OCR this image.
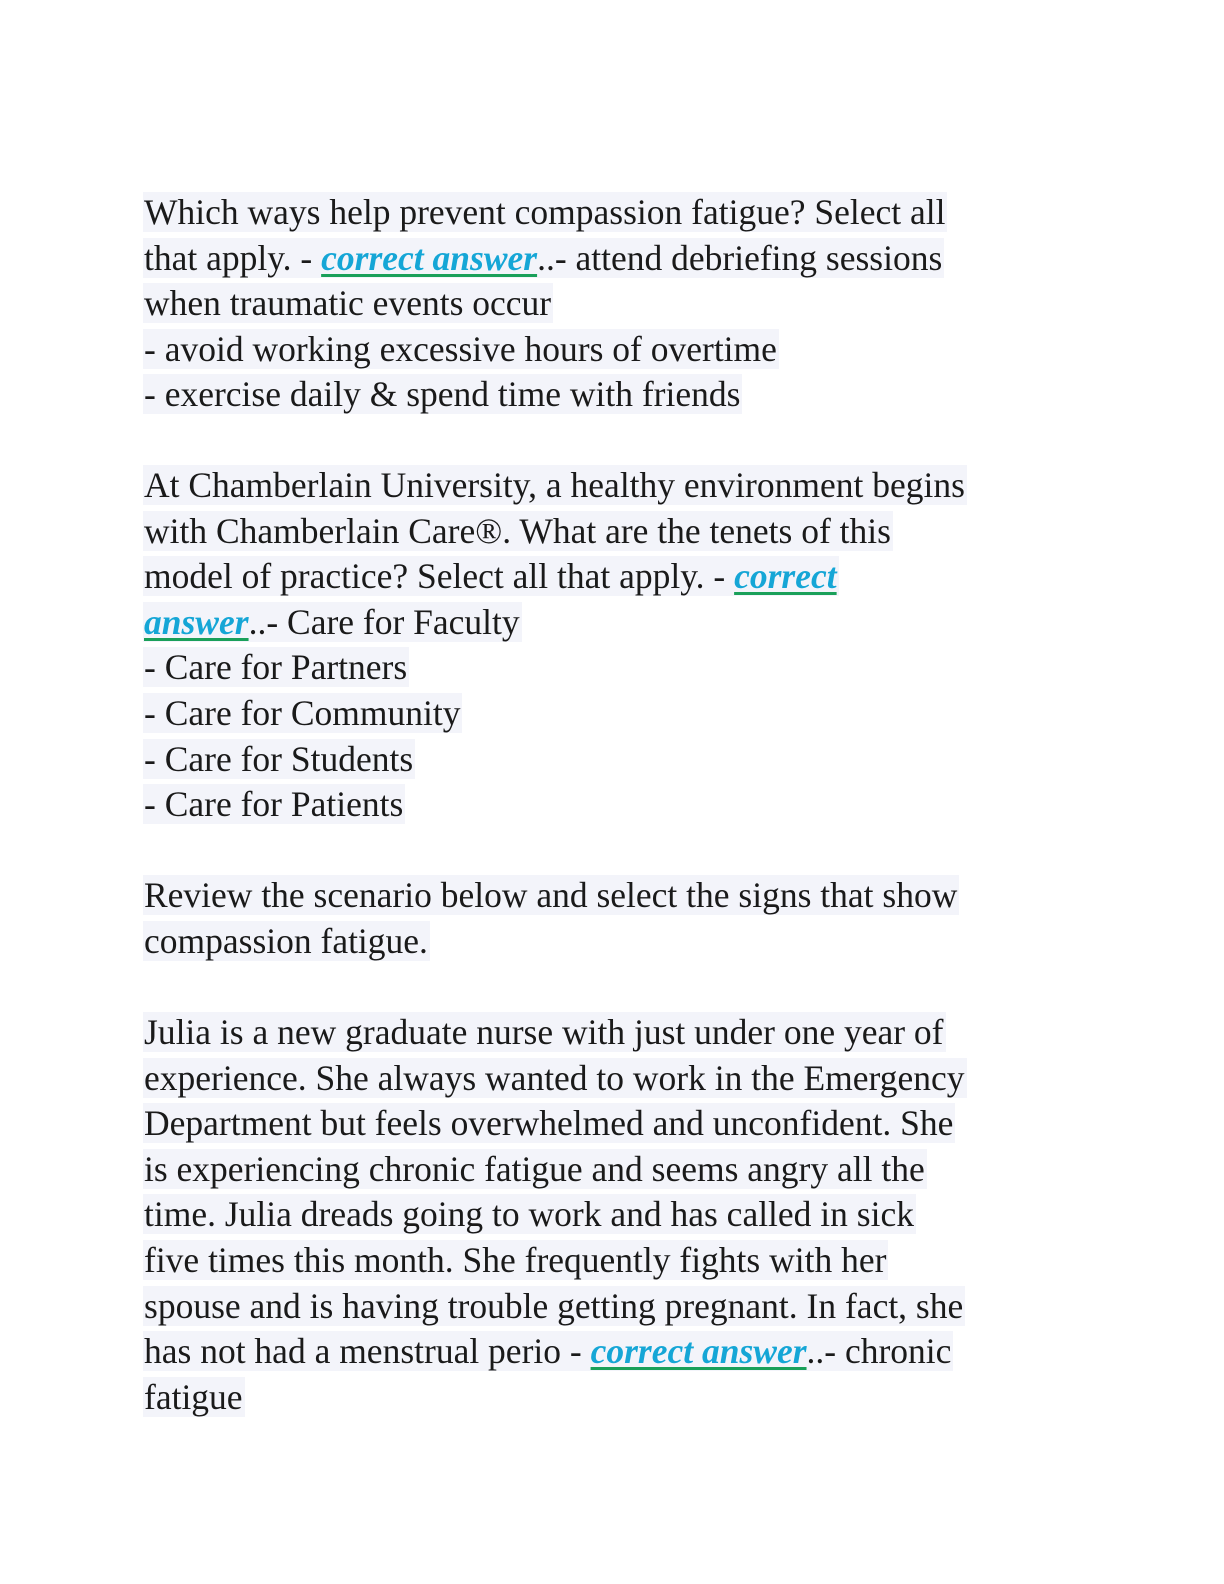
Which ways help prevent compassion fatigue? Select all
that apply. - correct answer..- attend debriefing sessions
when traumatic events occur
- avoid working excessive hours of overtime
- exercise daily & spend time with friends
At Chamberlain University, a healthy environment begins
with Chamberlain Care®. What are the tenets of this
model of practice? Select all that apply. - correct
answer..- Care for Faculty
- Care for Partners
- Care for Community
- Care for Students
- Care for Patients
Review the scenario below and select the signs that show
compassion fatigue.
Julia is a new graduate nurse with just under one year of
experience. She always wanted to work in the Emergency
Department but feels overwhelmed and unconfident. She
is experiencing chronic fatigue and seems angry all the
time. Julia dreads going to work and has called in sick
five times this month. She frequently fights with her
spouse and is having trouble getting pregnant. In fact, she
has not had a menstrual perio - correct answer..- chronic
fatigue
